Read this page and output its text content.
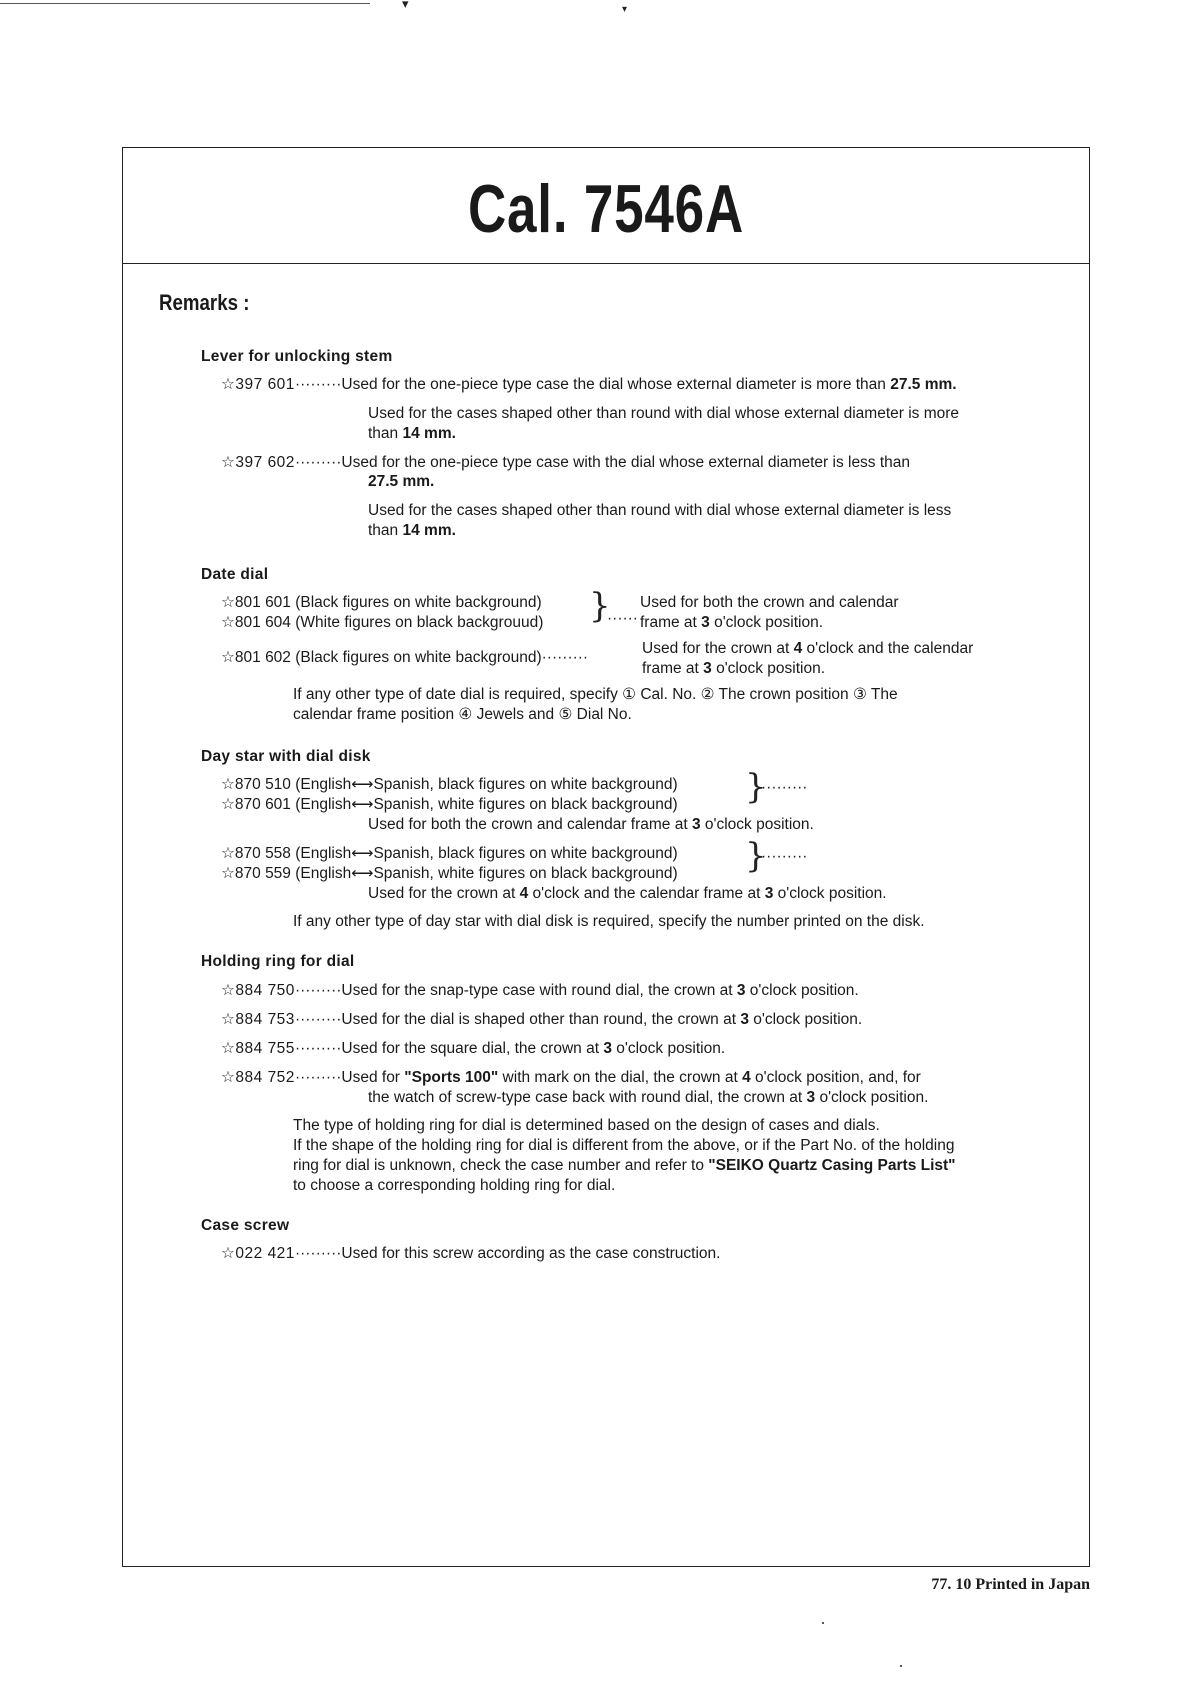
▾	▾
Cal. 7546A
Remarks :
Lever for unlocking stem
☆397 601·········Used for the one-piece type case the dial whose external diameter is more than 27.5 mm.
Used for the cases shaped other than round with dial whose external diameter is more
than 14 mm.
☆397 602·········Used for the one-piece type case with the dial whose external diameter is less than
27.5 mm.
Used for the cases shaped other than round with dial whose external diameter is less
than 14 mm.
Date dial
☆801 601 (Black figures on white background)
☆801 604 (White figures on black backgrouud) }
······
Used for both the crown and calendar
frame at 3 o'clock position.
☆801 602 (Black figures on white background)·········
Used for the crown at 4 o'clock and the calendar
frame at 3 o'clock position.
If any other type of date dial is required, specify ① Cal. No. ② The crown position ③ The
calendar frame position ④ Jewels and ⑤ Dial No.
Day star with dial disk
☆870 510 (English⟷Spanish, black figures on white background)
☆870 601 (English⟷Spanish, white figures on black background) }
·········
Used for both the crown and calendar frame at 3 o'clock position.
☆870 558 (English⟷Spanish, black figures on white background)
☆870 559 (English⟷Spanish, white figures on black background) }
·········
Used for the crown at 4 o'clock and the calendar frame at 3 o'clock position.
If any other type of day star with dial disk is required, specify the number printed on the disk.
Holding ring for dial
☆884 750·········Used for the snap-type case with round dial, the crown at 3 o'clock position.
☆884 753·········Used for the dial is shaped other than round, the crown at 3 o'clock position.
☆884 755·········Used for the square dial, the crown at 3 o'clock position.
☆884 752·········Used for "Sports 100" with mark on the dial, the crown at 4 o'clock position, and, for
the watch of screw-type case back with round dial, the crown at 3 o'clock position.
The type of holding ring for dial is determined based on the design of cases and dials.
If the shape of the holding ring for dial is different from the above, or if the Part No. of the holding
ring for dial is unknown, check the case number and refer to "SEIKO Quartz Casing Parts List"
to choose a corresponding holding ring for dial.
Case screw
☆022 421·········Used for this screw according as the case construction.
77. 10 Printed in Japan
